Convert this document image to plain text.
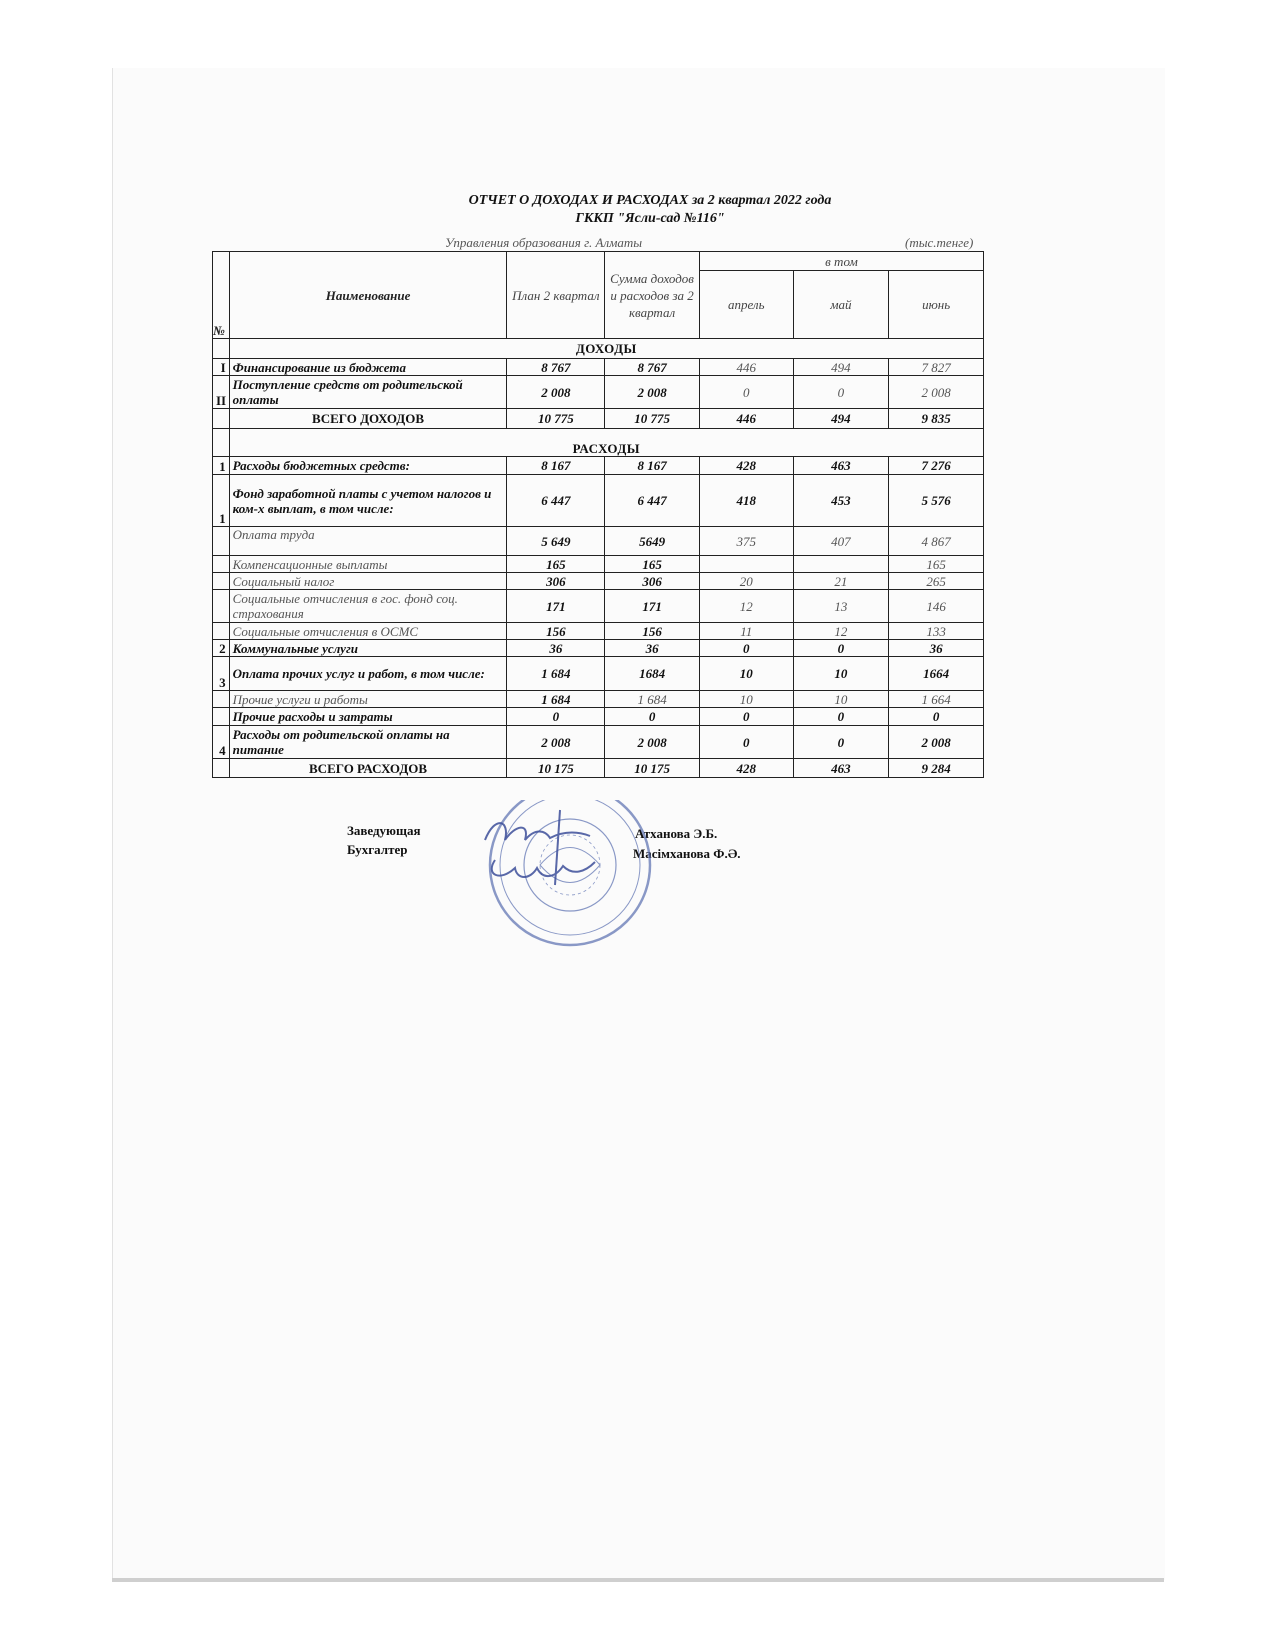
ОТЧЕТ О ДОХОДАХ И РАСХОДАХ за 2 квартал 2022 года
ГККП "Ясли-сад №116"
Управления образования г. Алматы	(тыс.тенге)
№	Наименование	План 2 квартал	Сумма доходов и расходов за 2 квартал	в том		
				апрель	май	июнь
	ДОХОДЫ					
I	Финансирование из бюджета	8 767	8 767	446	494	7 827
II	Поступление средств от родительской оплаты	2 008	2 008	0	0	2 008
	ВСЕГО ДОХОДОВ	10 775	10 775	446	494	9 835
	РАСХОДЫ					
1	Расходы бюджетных средств:	8 167	8 167	428	463	7 276
1	Фонд заработной платы с учетом налогов и ком-х выплат, в том числе:	6 447	6 447	418	453	5 576
	Оплата труда	5 649	5649	375	407	4 867
	Компенсационные выплаты	165	165			165
	Социальный налог	306	306	20	21	265
	Социальные отчисления в гос. фонд соц. страхования	171	171	12	13	146
	Социальные отчисления в ОСМС	156	156	11	12	133
2	Коммунальные услуги	36	36	0	0	36
3	Оплата прочих услуг и работ, в том числе:	1 684	1684	10	10	1664
	Прочие услуги и работы	1 684	1 684	10	10	1 664
	Прочие расходы и затраты	0	0	0	0	0
4	Расходы от родительской оплаты на питание	2 008	2 008	0	0	2 008
	ВСЕГО РАСХОДОВ	10 175	10 175	428	463	9 284
Заведующая
Бухгалтер
Атханова Э.Б.
Масімханова Ф.Ә.
